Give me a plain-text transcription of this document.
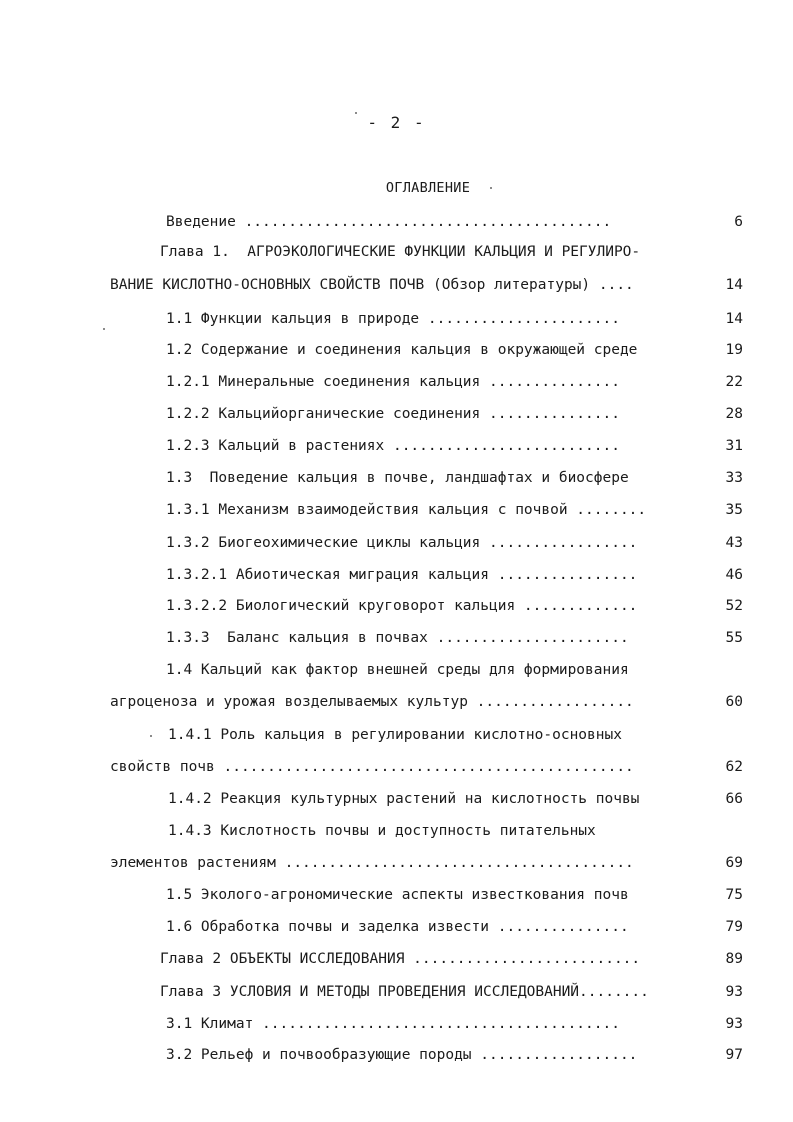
- 2 -
ОГЛАВЛЕНИЕ
Введение ..........................................	6
Глава 1.  АГРОЭКОЛОГИЧЕСКИЕ ФУНКЦИИ КАЛЬЦИЯ И РЕГУЛИРО-
ВАНИЕ КИСЛОТНО-ОСНОВНЫХ СВОЙСТВ ПОЧВ (Обзор литературы) ....	14
1.1 Функции кальция в природе ......................	14
1.2 Содержание и соединения кальция в окружающей среде	19
1.2.1 Минеральные соединения кальция ...............	22
1.2.2 Кальцийорганические соединения ...............	28
1.2.3 Кальций в растениях ..........................	31
1.3  Поведение кальция в почве, ландшафтах и биосфере	33
1.3.1 Механизм взаимодействия кальция с почвой ........	35
1.3.2 Биогеохимические циклы кальция .................	43
1.3.2.1 Абиотическая миграция кальция ................	46
1.3.2.2 Биологический круговорот кальция .............	52
1.3.3  Баланс кальция в почвах ......................	55
1.4 Кальций как фактор внешней среды для формирования
агроценоза и урожая возделываемых культур ..................	60
1.4.1 Роль кальция в регулировании кислотно-основных
свойств почв ...............................................	62
1.4.2 Реакция культурных растений на кислотность почвы	66
1.4.3 Кислотность почвы и доступность питательных
элементов растениям ........................................	69
1.5 Эколого-агрономические аспекты известкования почв	75
1.6 Обработка почвы и заделка извести ...............	79
Глава 2 ОБЪЕКТЫ ИССЛЕДОВАНИЯ ..........................	89
Глава 3 УСЛОВИЯ И МЕТОДЫ ПРОВЕДЕНИЯ ИССЛЕДОВАНИЙ........	93
3.1 Климат .........................................	93
3.2 Рельеф и почвообразующие породы ..................	97
